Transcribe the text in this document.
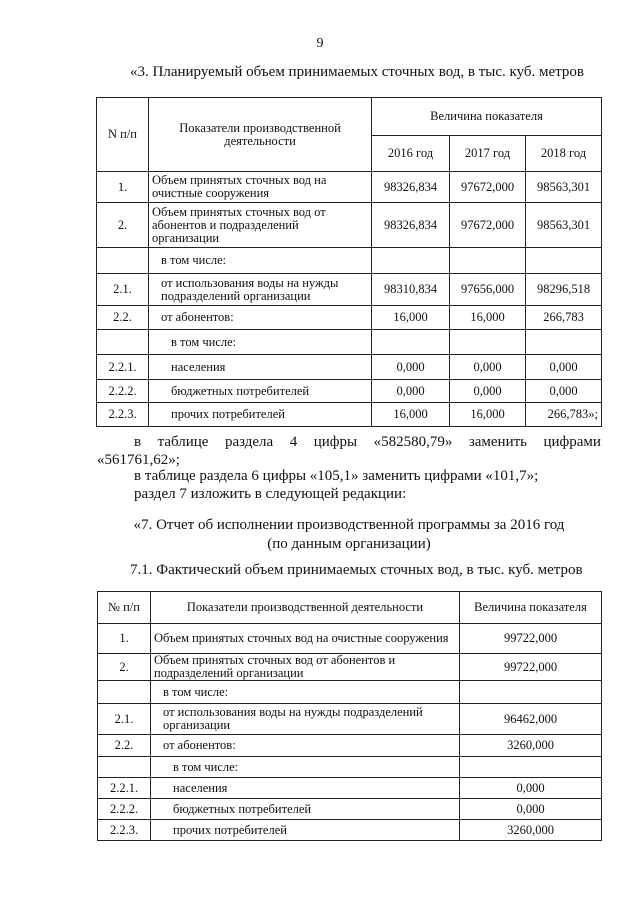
9
«3. Планируемый объем принимаемых сточных вод, в тыс. куб. метров
N п/п	Показатели производственной деятельности	Величина показателя		
		2016 год	2017 год	2018 год
1.	Объем принятых сточных вод на очистные сооружения	98326,834	97672,000	98563,301
2.	Объем принятых сточных вод от абонентов и подразделений организации	98326,834	97672,000	98563,301
	в том числе:			
2.1.	от использования воды на нужды подразделений организации	98310,834	97656,000	98296,518
2.2.	от абонентов:	16,000	16,000	266,783
	в том числе:			
2.2.1.	населения	0,000	0,000	0,000
2.2.2.	бюджетных потребителей	0,000	0,000	0,000
2.2.3.	прочих потребителей	16,000	16,000	266,783»;
в таблице раздела 4 цифры «582580,79» заменить цифрами
«561761,62»;
в таблице раздела 6 цифры «105,1» заменить цифрами «101,7»;
раздел 7 изложить в следующей редакции:
«7. Отчет об исполнении производственной программы за 2016 год
(по данным организации)
7.1. Фактический объем принимаемых сточных вод, в тыс. куб. метров
№ п/п	Показатели производственной деятельности	Величина показателя
1.	Объем принятых сточных вод на очистные сооружения	99722,000
2.	Объем принятых сточных вод от абонентов и подразделений организации	99722,000
	в том числе:	
2.1.	от использования воды на нужды подразделений организации	96462,000
2.2.	от абонентов:	3260,000
	в том числе:	
2.2.1.	населения	0,000
2.2.2.	бюджетных потребителей	0,000
2.2.3.	прочих потребителей	3260,000
